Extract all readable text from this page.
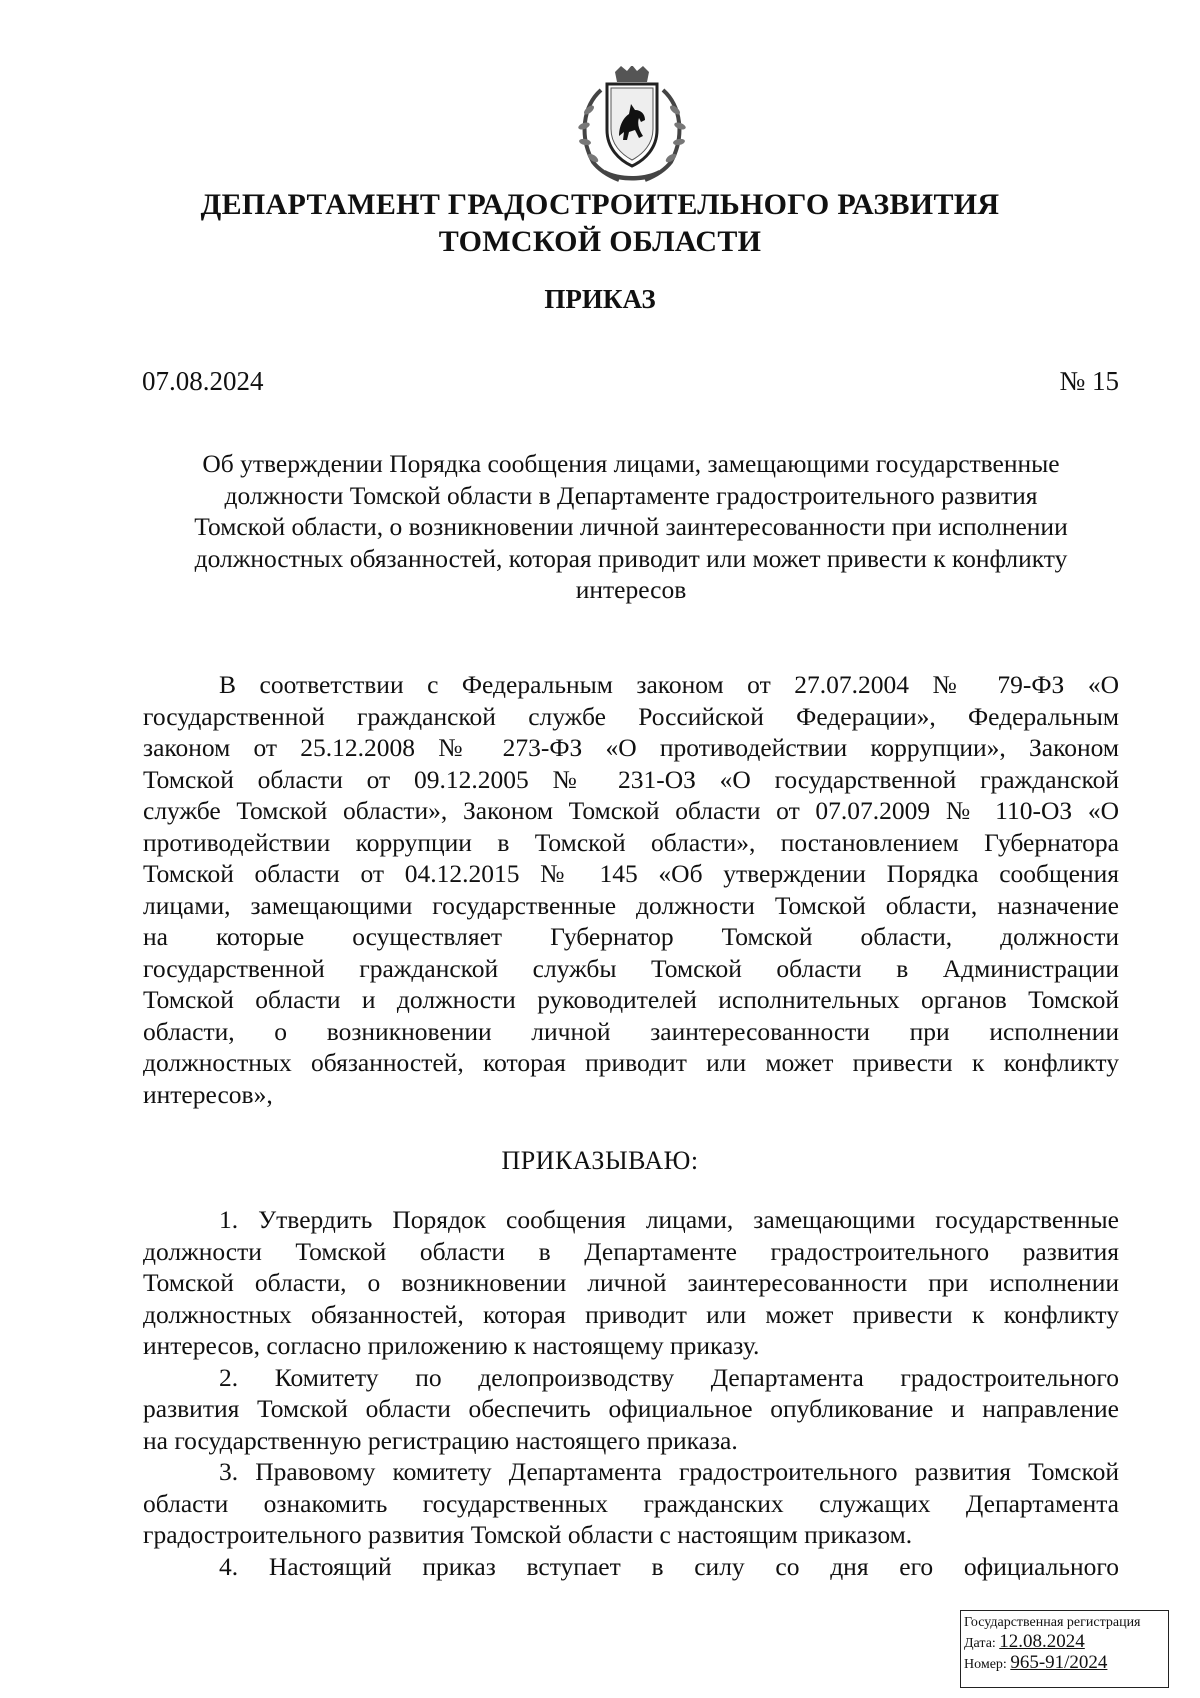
ДЕПАРТАМЕНТ ГРАДОСТРОИТЕЛЬНОГО РАЗВИТИЯ
ТОМСКОЙ ОБЛАСТИ
ПРИКАЗ
07.08.2024	№ 15
Об утверждении Порядка сообщения лицами, замещающими государственные
должности Томской области в Департаменте градостроительного развития
Томской области, о возникновении личной заинтересованности при исполнении
должностных обязанностей, которая приводит или может привести к конфликту
интересов
В соответствии с Федеральным законом от 27.07.2004 № 79-ФЗ «О
государственной гражданской службе Российской Федерации», Федеральным
законом от 25.12.2008 № 273-ФЗ «О противодействии коррупции», Законом
Томской области от 09.12.2005 № 231-ОЗ «О государственной гражданской
службе Томской области», Законом Томской области от 07.07.2009 № 110-ОЗ «О
противодействии коррупции в Томской области», постановлением Губернатора
Томской области от 04.12.2015 № 145 «Об утверждении Порядка сообщения
лицами, замещающими государственные должности Томской области, назначение
на которые осуществляет Губернатор Томской области, должности
государственной гражданской службы Томской области в Администрации
Томской области и должности руководителей исполнительных органов Томской
области, о возникновении личной заинтересованности при исполнении
должностных обязанностей, которая приводит или может привести к конфликту
интересов»,
ПРИКАЗЫВАЮ:
1. Утвердить Порядок сообщения лицами, замещающими государственные
должности Томской области в Департаменте градостроительного развития
Томской области, о возникновении личной заинтересованности при исполнении
должностных обязанностей, которая приводит или может привести к конфликту
интересов, согласно приложению к настоящему приказу.
2. Комитету по делопроизводству Департамента градостроительного
развития Томской области обеспечить официальное опубликование и направление
на государственную регистрацию настоящего приказа.
3. Правовому комитету Департамента градостроительного развития Томской
области ознакомить государственных гражданских служащих Департамента
градостроительного развития Томской области с настоящим приказом.
4. Настоящий приказ вступает в силу со дня его официального
Государственная регистрация
Дата: 12.08.2024
Номер: 965-91/2024
